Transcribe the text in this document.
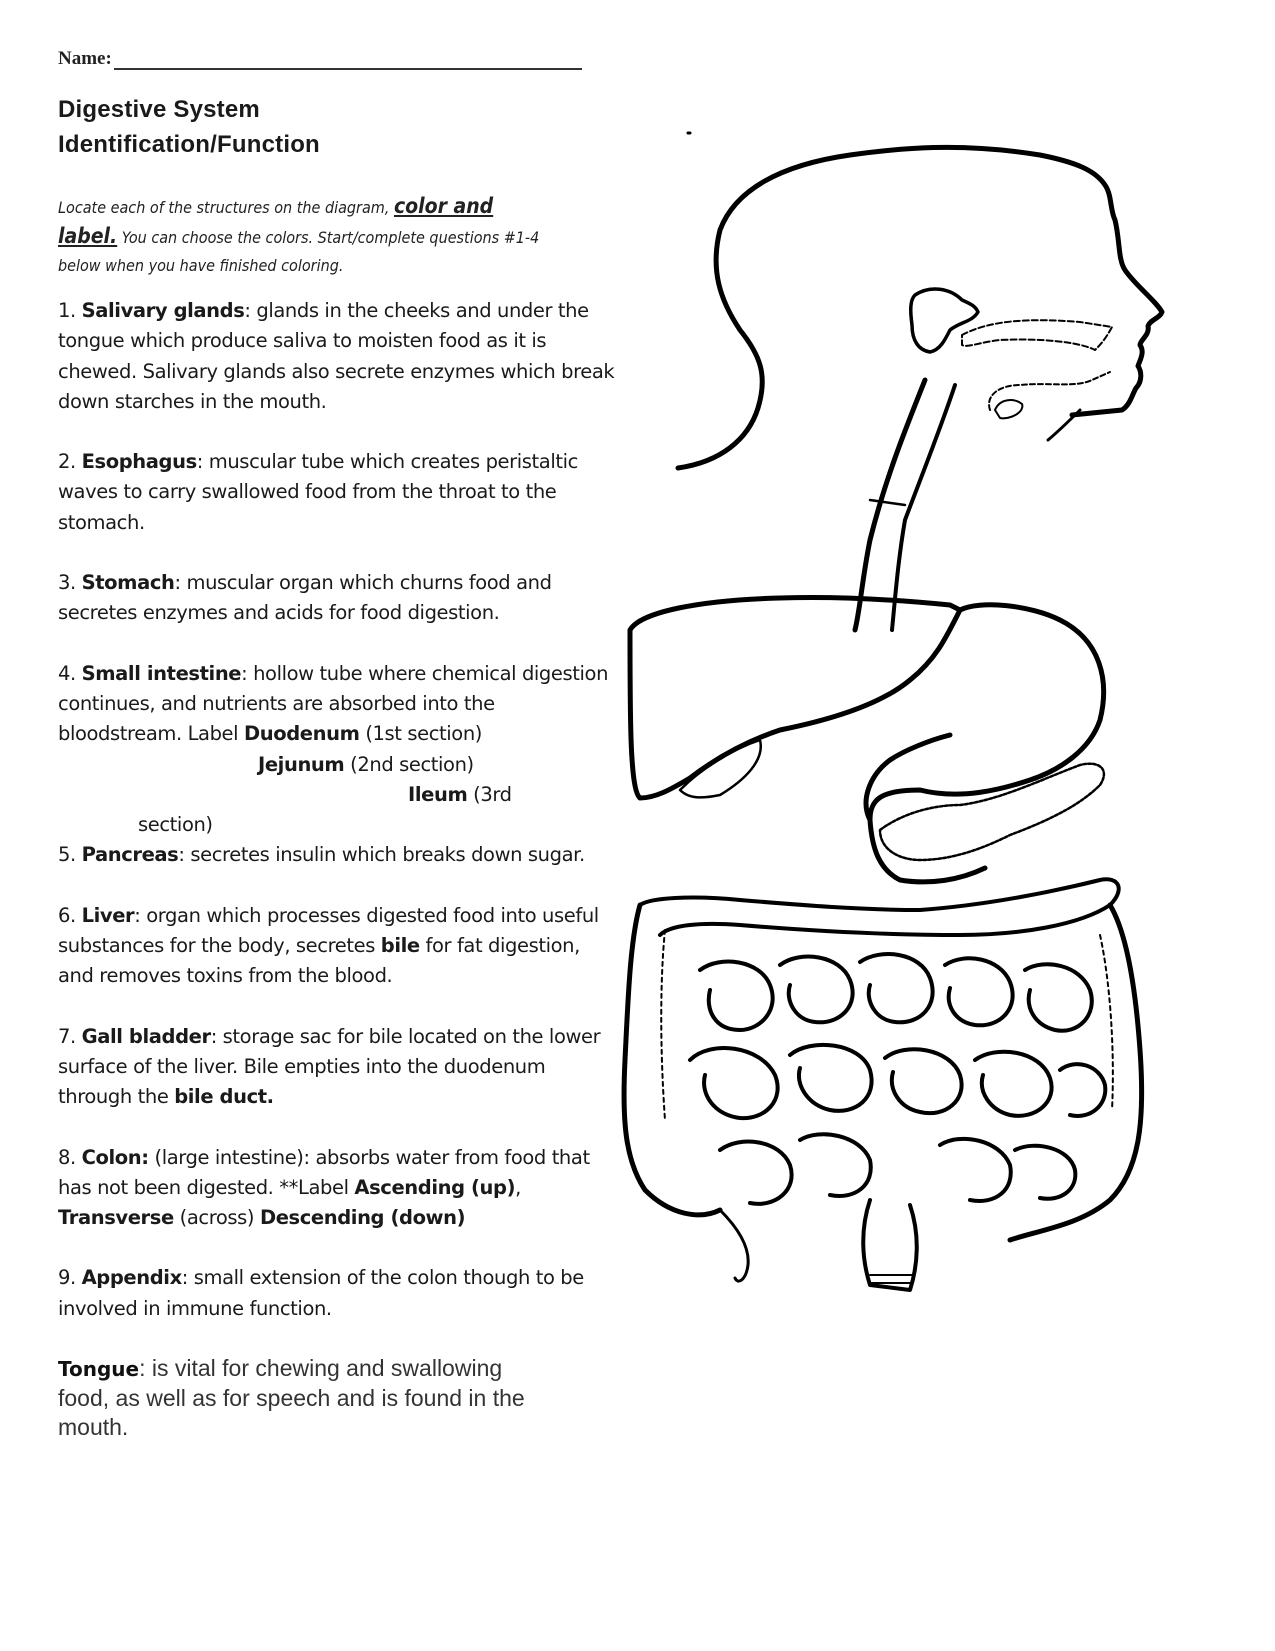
Name:
Digestive System
Identification/Function
Locate each of the structures on the diagram, color and
label. You can choose the colors. Start/complete questions #1-4 below when you have finished coloring.
1. Salivary glands: glands in the cheeks and under the tongue which produce saliva to moisten food as it is chewed. Salivary glands also secrete enzymes which break down starches in the mouth.
2. Esophagus: muscular tube which creates peristaltic waves to carry swallowed food from the throat to the stomach.
3. Stomach: muscular organ which churns food and secretes enzymes and acids for food digestion.
4. Small intestine: hollow tube where chemical digestion continues, and nutrients are absorbed into the bloodstream. Label Duodenum (1st section) Jejunum (2nd section)
Ileum (3rd
section)
5. Pancreas: secretes insulin which breaks down sugar.
6. Liver: organ which processes digested food into useful substances for the body, secretes bile for fat digestion, and removes toxins from the blood.
7. Gall bladder: storage sac for bile located on the lower surface of the liver. Bile empties into the duodenum through the bile duct.
8. Colon: (large intestine): absorbs water from food that has not been digested. **Label Ascending (up), Transverse (across) Descending (down)
9. Appendix: small extension of the colon though to be involved in immune function.
Tongue: is vital for chewing and swallowing food, as well as for speech and is found in the mouth.
